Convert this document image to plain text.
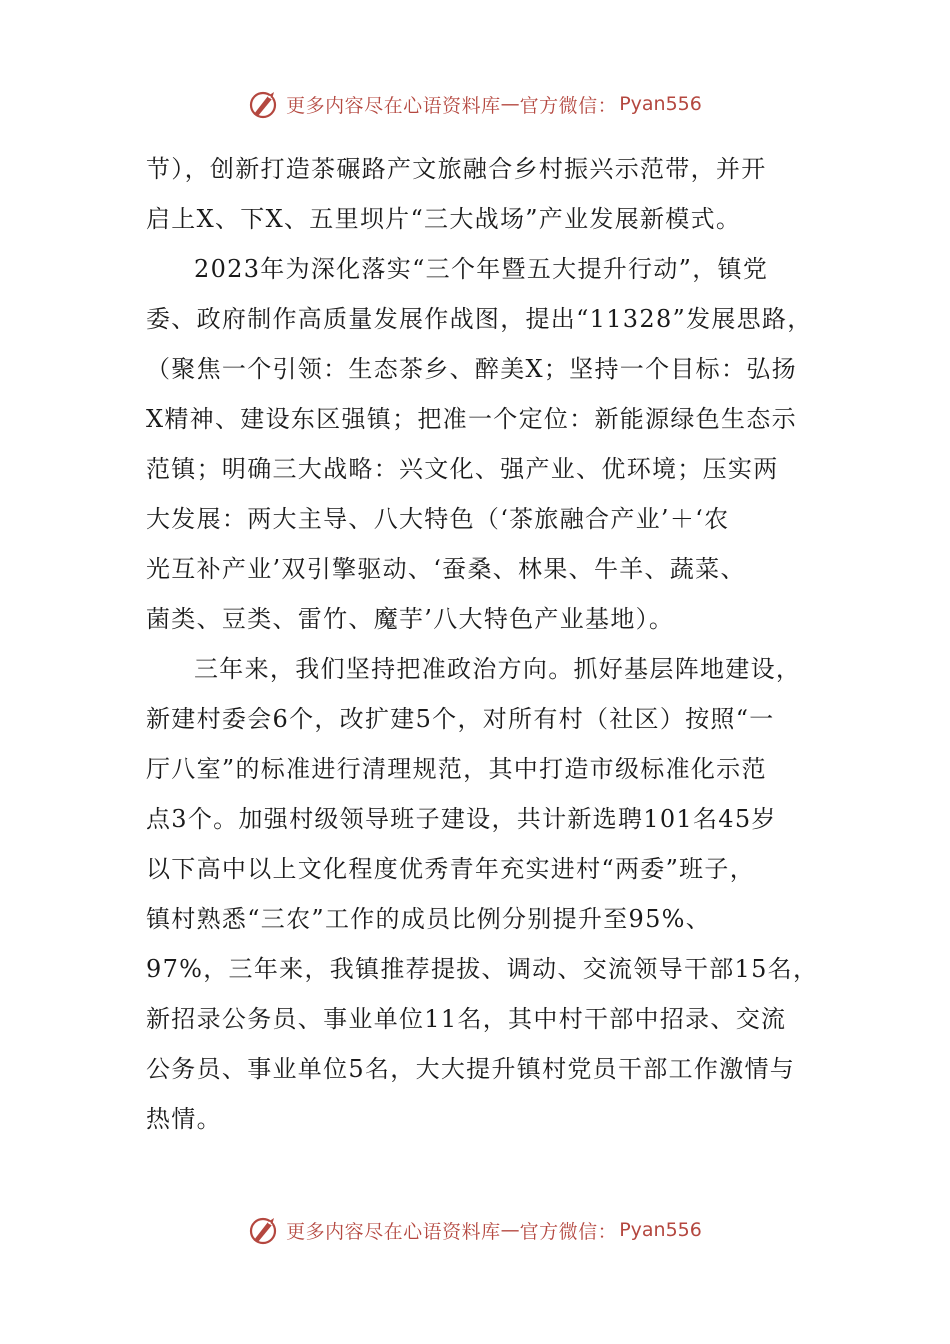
更多内容尽在心语资料库 — 官方微信： Pyan556
节），创新打造茶碾路产文旅融合乡村振兴示范带，并开
启上X、下X、五里坝片“三大战场”产业发展新模式。
2023年为深化落实“三个年暨五大提升行动”，镇党
委、政府制作高质量发展作战图，提出“11328”发展思路，
（聚焦一个引领：生态茶乡、醉美X；坚持一个目标：弘扬
X精神、建设东区强镇；把准一个定位：新能源绿色生态示
范镇；明确三大战略：兴文化、强产业、优环境；压实两
大发展：两大主导、八大特色（‘茶旅融合产业’＋‘农
光互补产业’双引擎驱动、‘蚕桑、林果、牛羊、蔬菜、
菌类、豆类、雷竹、魔芋’八大特色产业基地）。
三年来，我们坚持把准政治方向。抓好基层阵地建设，
新建村委会6个，改扩建5个，对所有村（社区）按照“一
厅八室”的标准进行清理规范，其中打造市级标准化示范
点3个。加强村级领导班子建设，共计新选聘101名45岁
以下高中以上文化程度优秀青年充实进村“两委”班子，
镇村熟悉“三农”工作的成员比例分别提升至95%、
97%，三年来，我镇推荐提拔、调动、交流领导干部15名，
新招录公务员、事业单位11名，其中村干部中招录、交流
公务员、事业单位5名，大大提升镇村党员干部工作激情与
热情。
更多内容尽在心语资料库 — 官方微信： Pyan556
